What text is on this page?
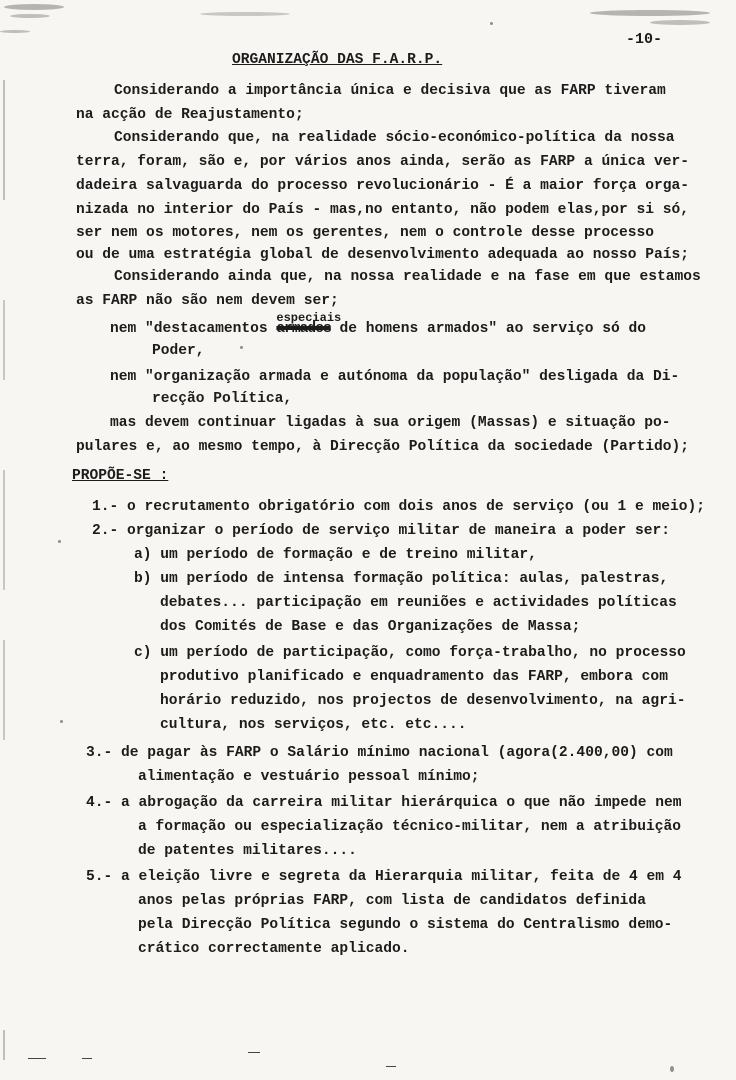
-10-
ORGANIZAÇÃO DAS F.A.R.P.
Considerando a importância única e decisiva que as FARP tiveram
na acção de Reajustamento;
Considerando que, na realidade sócio-económico-política da nossa
terra, foram, são e, por vários anos ainda, serão as FARP a única ver-
dadeira salvaguarda do processo revolucionário - É a maior força orga-
nizada no interior do País - mas,no entanto, não podem elas,por si só,
ser nem os motores, nem os gerentes, nem o controle desse processo
ou de uma estratégia global de desenvolvimento adequada ao nosso País;
Considerando ainda que, na nossa realidade e na fase em que estamos
as FARP não são nem devem ser;
nem "destacamentos
especiais
armados de homens armados" ao serviço só do
Poder,
nem "organização armada e autónoma da população" desligada da Di-
recção Política,
mas devem continuar ligadas à sua origem (Massas) e situação po-
pulares e, ao mesmo tempo, à Direcção Política da sociedade (Partido);
PROPÕE-SE :
1.- o recrutamento obrigatório com dois anos de serviço (ou 1 e meio);
2.- organizar o período de serviço militar de maneira a poder ser:
a) um período de formação e de treino militar,
b) um período de intensa formação política: aulas, palestras,
debates... participação em reuniões e actividades políticas
dos Comités de Base e das Organizações de Massa;
c) um período de participação, como força-trabalho, no processo
produtivo planificado e enquadramento das FARP, embora com
horário reduzido, nos projectos de desenvolvimento, na agri-
cultura, nos serviços, etc. etc....
3.- de pagar às FARP o Salário mínimo nacional (agora(2.400,00) com
alimentação e vestuário pessoal mínimo;
4.- a abrogação da carreira militar hierárquica o que não impede nem
a formação ou especialização técnico-militar, nem a atribuição
de patentes militares....
5.- a eleição livre e segreta da Hierarquia militar, feita de 4 em 4
anos pelas próprias FARP, com lista de candidatos definida
pela Direcção Política segundo o sistema do Centralismo demo-
crático correctamente aplicado.
